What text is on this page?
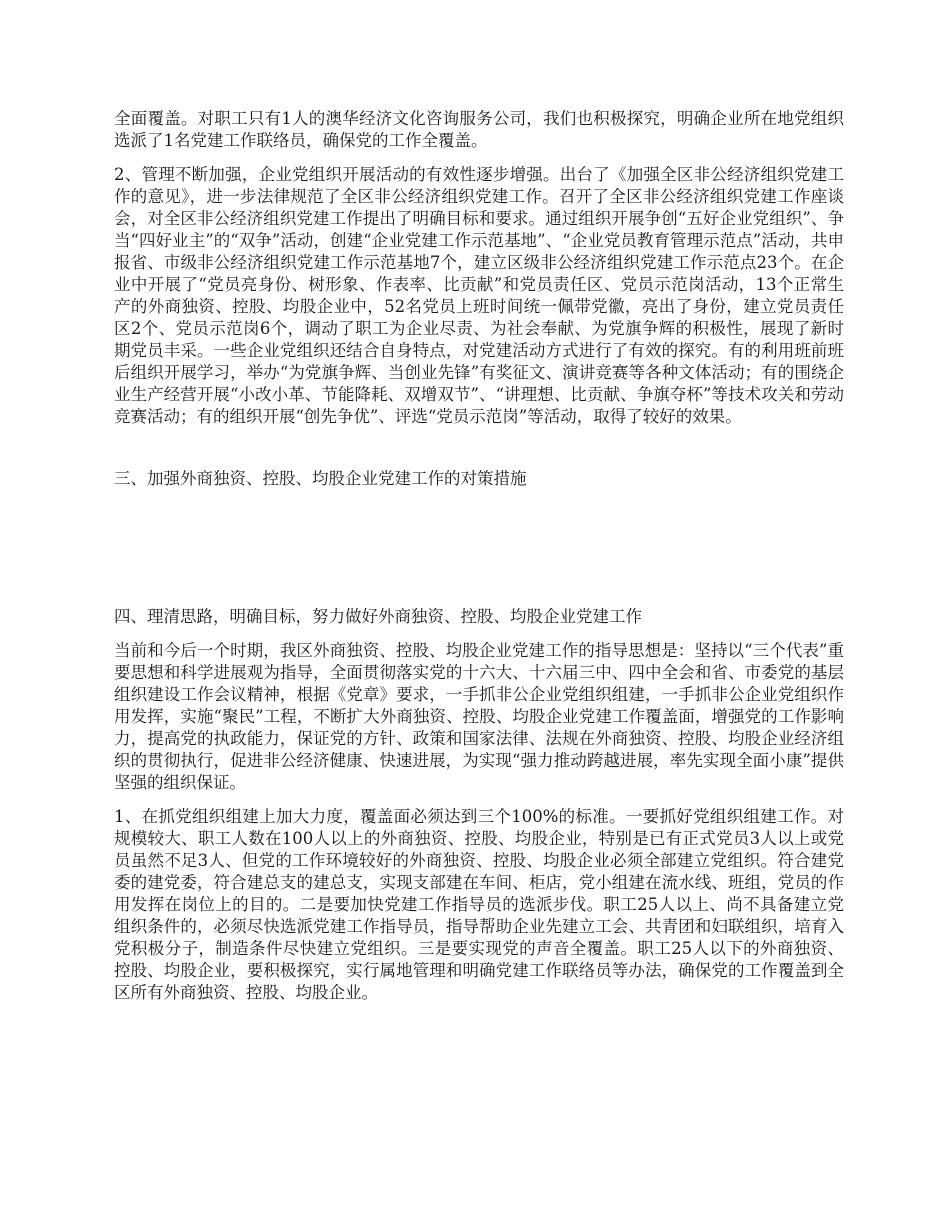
全面覆盖。对职工只有1人的澳华经济文化咨询服务公司，我们也积极探究，明确企业所在地党组织选派了1名党建工作联络员，确保党的工作全覆盖。

2、管理不断加强，企业党组织开展活动的有效性逐步增强。出台了《加强全区非公经济组织党建工作的意见》，进一步法律规范了全区非公经济组织党建工作。召开了全区非公经济组织党建工作座谈会，对全区非公经济组织党建工作提出了明确目标和要求。通过组织开展争创“五好企业党组织”、争当“四好业主”的“双争”活动，创建“企业党建工作示范基地”、“企业党员教育管理示范点”活动，共申报省、市级非公经济组织党建工作示范基地7个，建立区级非公经济组织党建工作示范点23个。在企业中开展了“党员亮身份、树形象、作表率、比贡献”和党员责任区、党员示范岗活动，13个正常生产的外商独资、控股、均股企业中，52名党员上班时间统一佩带党徽，亮出了身份，建立党员责任区2个、党员示范岗6个，调动了职工为企业尽责、为社会奉献、为党旗争辉的积极性，展现了新时期党员丰采。一些企业党组织还结合自身特点，对党建活动方式进行了有效的探究。有的利用班前班后组织开展学习，举办“为党旗争辉、当创业先锋”有奖征文、演讲竞赛等各种文体活动；有的围绕企业生产经营开展“小改小革、节能降耗、双增双节”、“讲理想、比贡献、争旗夺杯”等技术攻关和劳动竞赛活动；有的组织开展“创先争优”、评选“党员示范岗”等活动，取得了较好的效果。

三、加强外商独资、控股、均股企业党建工作的对策措施

四、理清思路，明确目标，努力做好外商独资、控股、均股企业党建工作

当前和今后一个时期，我区外商独资、控股、均股企业党建工作的指导思想是：坚持以“三个代表”重要思想和科学进展观为指导，全面贯彻落实党的十六大、十六届三中、四中全会和省、市委党的基层组织建设工作会议精神，根据《党章》要求，一手抓非公企业党组织组建，一手抓非公企业党组织作用发挥，实施“聚民”工程，不断扩大外商独资、控股、均股企业党建工作覆盖面，增强党的工作影响力，提高党的执政能力，保证党的方针、政策和国家法律、法规在外商独资、控股、均股企业经济组织的贯彻执行，促进非公经济健康、快速进展，为实现“强力推动跨越进展，率先实现全面小康”提供坚强的组织保证。

1、在抓党组织组建上加大力度，覆盖面必须达到三个100%的标准。一要抓好党组织组建工作。对规模较大、职工人数在100人以上的外商独资、控股、均股企业，特别是已有正式党员3人以上或党员虽然不足3人、但党的工作环境较好的外商独资、控股、均股企业必须全部建立党组织。符合建党委的建党委，符合建总支的建总支，实现支部建在车间、柜店，党小组建在流水线、班组，党员的作用发挥在岗位上的目的。二是要加快党建工作指导员的选派步伐。职工25人以上、尚不具备建立党组织条件的，必须尽快选派党建工作指导员，指导帮助企业先建立工会、共青团和妇联组织，培育入党积极分子，制造条件尽快建立党组织。三是要实现党的声音全覆盖。职工25人以下的外商独资、控股、均股企业，要积极探究，实行属地管理和明确党建工作联络员等办法，确保党的工作覆盖到全区所有外商独资、控股、均股企业。
